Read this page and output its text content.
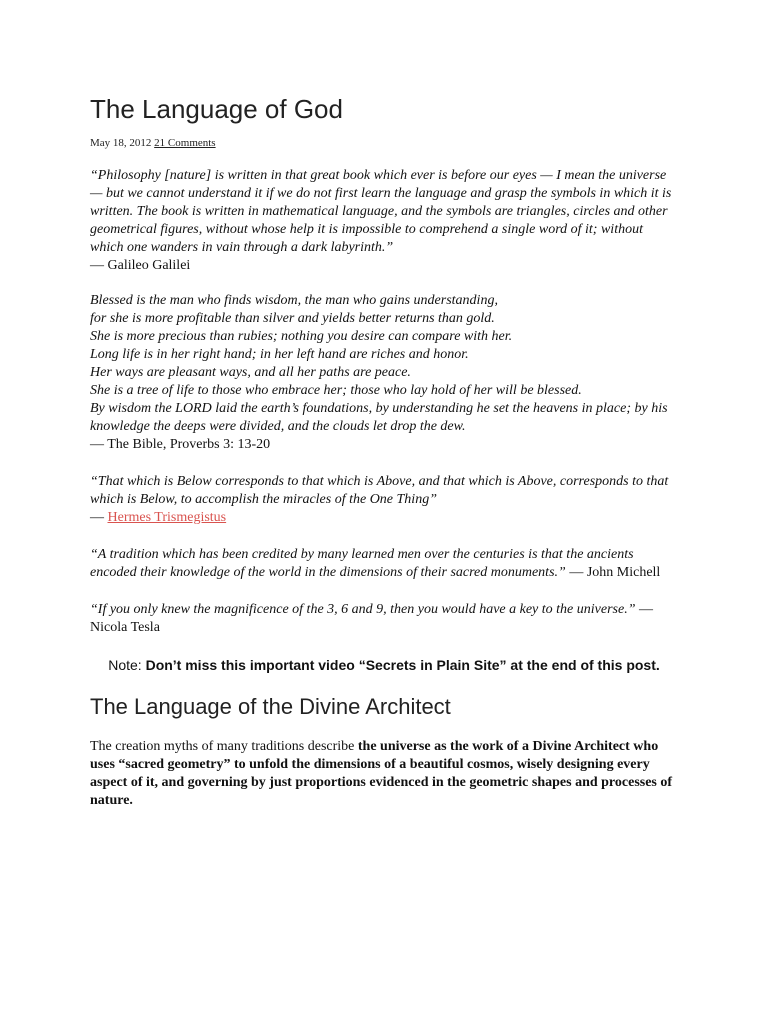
The Language of God
May 18, 2012 21 Comments

“Philosophy [nature] is written in that great book which ever is before our eyes — I mean the universe — but we cannot understand it if we do not first learn the language and grasp the symbols in which it is written. The book is written in mathematical language, and the symbols are triangles, circles and other geometrical figures, without whose help it is impossible to comprehend a single word of it; without which one wanders in vain through a dark labyrinth.”
— Galileo Galilei

Blessed is the man who finds wisdom, the man who gains understanding,
for she is more profitable than silver and yields better returns than gold.
She is more precious than rubies; nothing you desire can compare with her.
Long life is in her right hand; in her left hand are riches and honor.
Her ways are pleasant ways, and all her paths are peace.
She is a tree of life to those who embrace her; those who lay hold of her will be blessed.
By wisdom the LORD laid the earth’s foundations, by understanding he set the heavens in place; by his knowledge the deeps were divided, and the clouds let drop the dew.
— The Bible, Proverbs 3: 13-20

“That which is Below corresponds to that which is Above, and that which is Above, corresponds to that which is Below, to accomplish the miracles of the One Thing”
— Hermes Trismegistus

“A tradition which has been credited by many learned men over the centuries is that the ancients encoded their knowledge of the world in the dimensions of their sacred monuments.” — John Michell

“If you only knew the magnificence of the 3, 6 and 9, then you would have a key to the universe.” — Nicola Tesla

Note: Don’t miss this important video “Secrets in Plain Site” at the end of this post.
The Language of the Divine Architect
The creation myths of many traditions describe the universe as the work of a Divine Architect who uses “sacred geometry” to unfold the dimensions of a beautiful cosmos, wisely designing every aspect of it, and governing by just proportions evidenced in the geometric shapes and processes of nature.
